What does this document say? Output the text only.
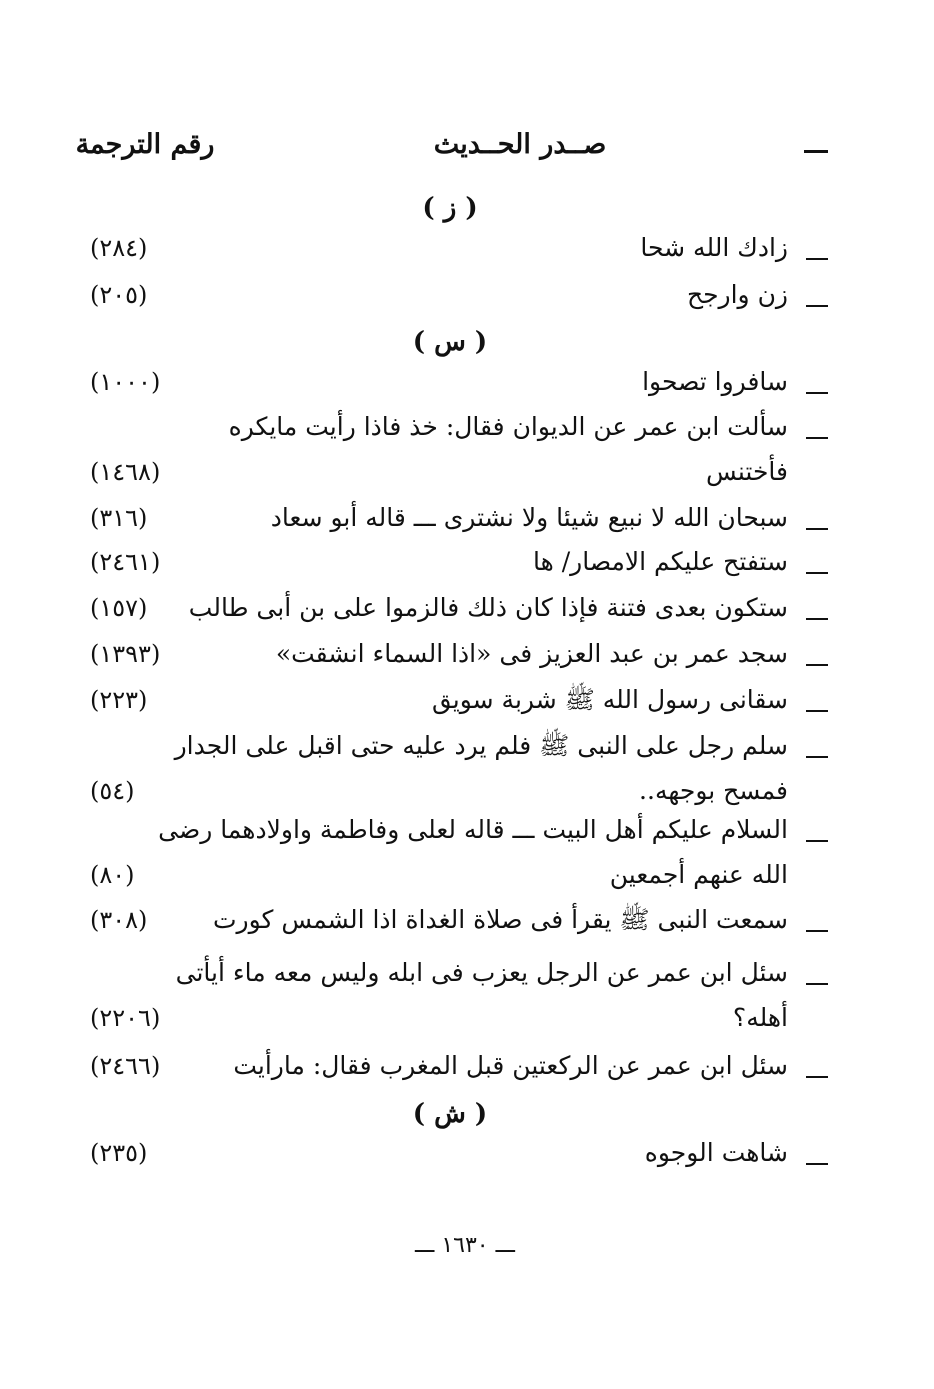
صــدر الحــديث
رقم الترجمة
( ز )
زادك الله شحا
(٢٨٤)
زن وارجح
(٢٠٥)
( س )
سافروا تصحوا
(١٠٠٠)
سألت ابن عمر عن الديوان فقال: خذ فاذا رأيت مايكره
فأختنس
(١٤٦٨)
سبحان الله لا نبيع شيئا ولا نشترى ـــ قاله أبو سعاد
(٣١٦)
ستفتح عليكم الامصار/ ها
(٢٤٦١)
ستكون بعدى فتنة فإذا كان ذلك فالزموا على بن أبى طالب
(١٥٧)
سجد عمر بن عبد العزيز فى «اذا السماء انشقت»
(١٣٩٣)
سقانى رسول الله ﷺ شربة سويق
(٢٢٣)
سلم رجل على النبى ﷺ فلم يرد عليه حتى اقبل على الجدار
فمسح بوجهه..
(٥٤)
السلام عليكم أهل البيت ـــ قاله لعلى وفاطمة واولادهما رضى
الله عنهم أجمعين
(٨٠)
سمعت النبى ﷺ يقرأ فى صلاة الغداة اذا الشمس كورت
(٣٠٨)
سئل ابن عمر عن الرجل يعزب فى ابله وليس معه ماء أيأتى
أهله؟
(٢٢٠٦)
سئل ابن عمر عن الركعتين قبل المغرب فقال: مارأيت
(٢٤٦٦)
( ش )
شاهت الوجوه
(٢٣٥)
ـــ ١٦٣٠ ـــ
